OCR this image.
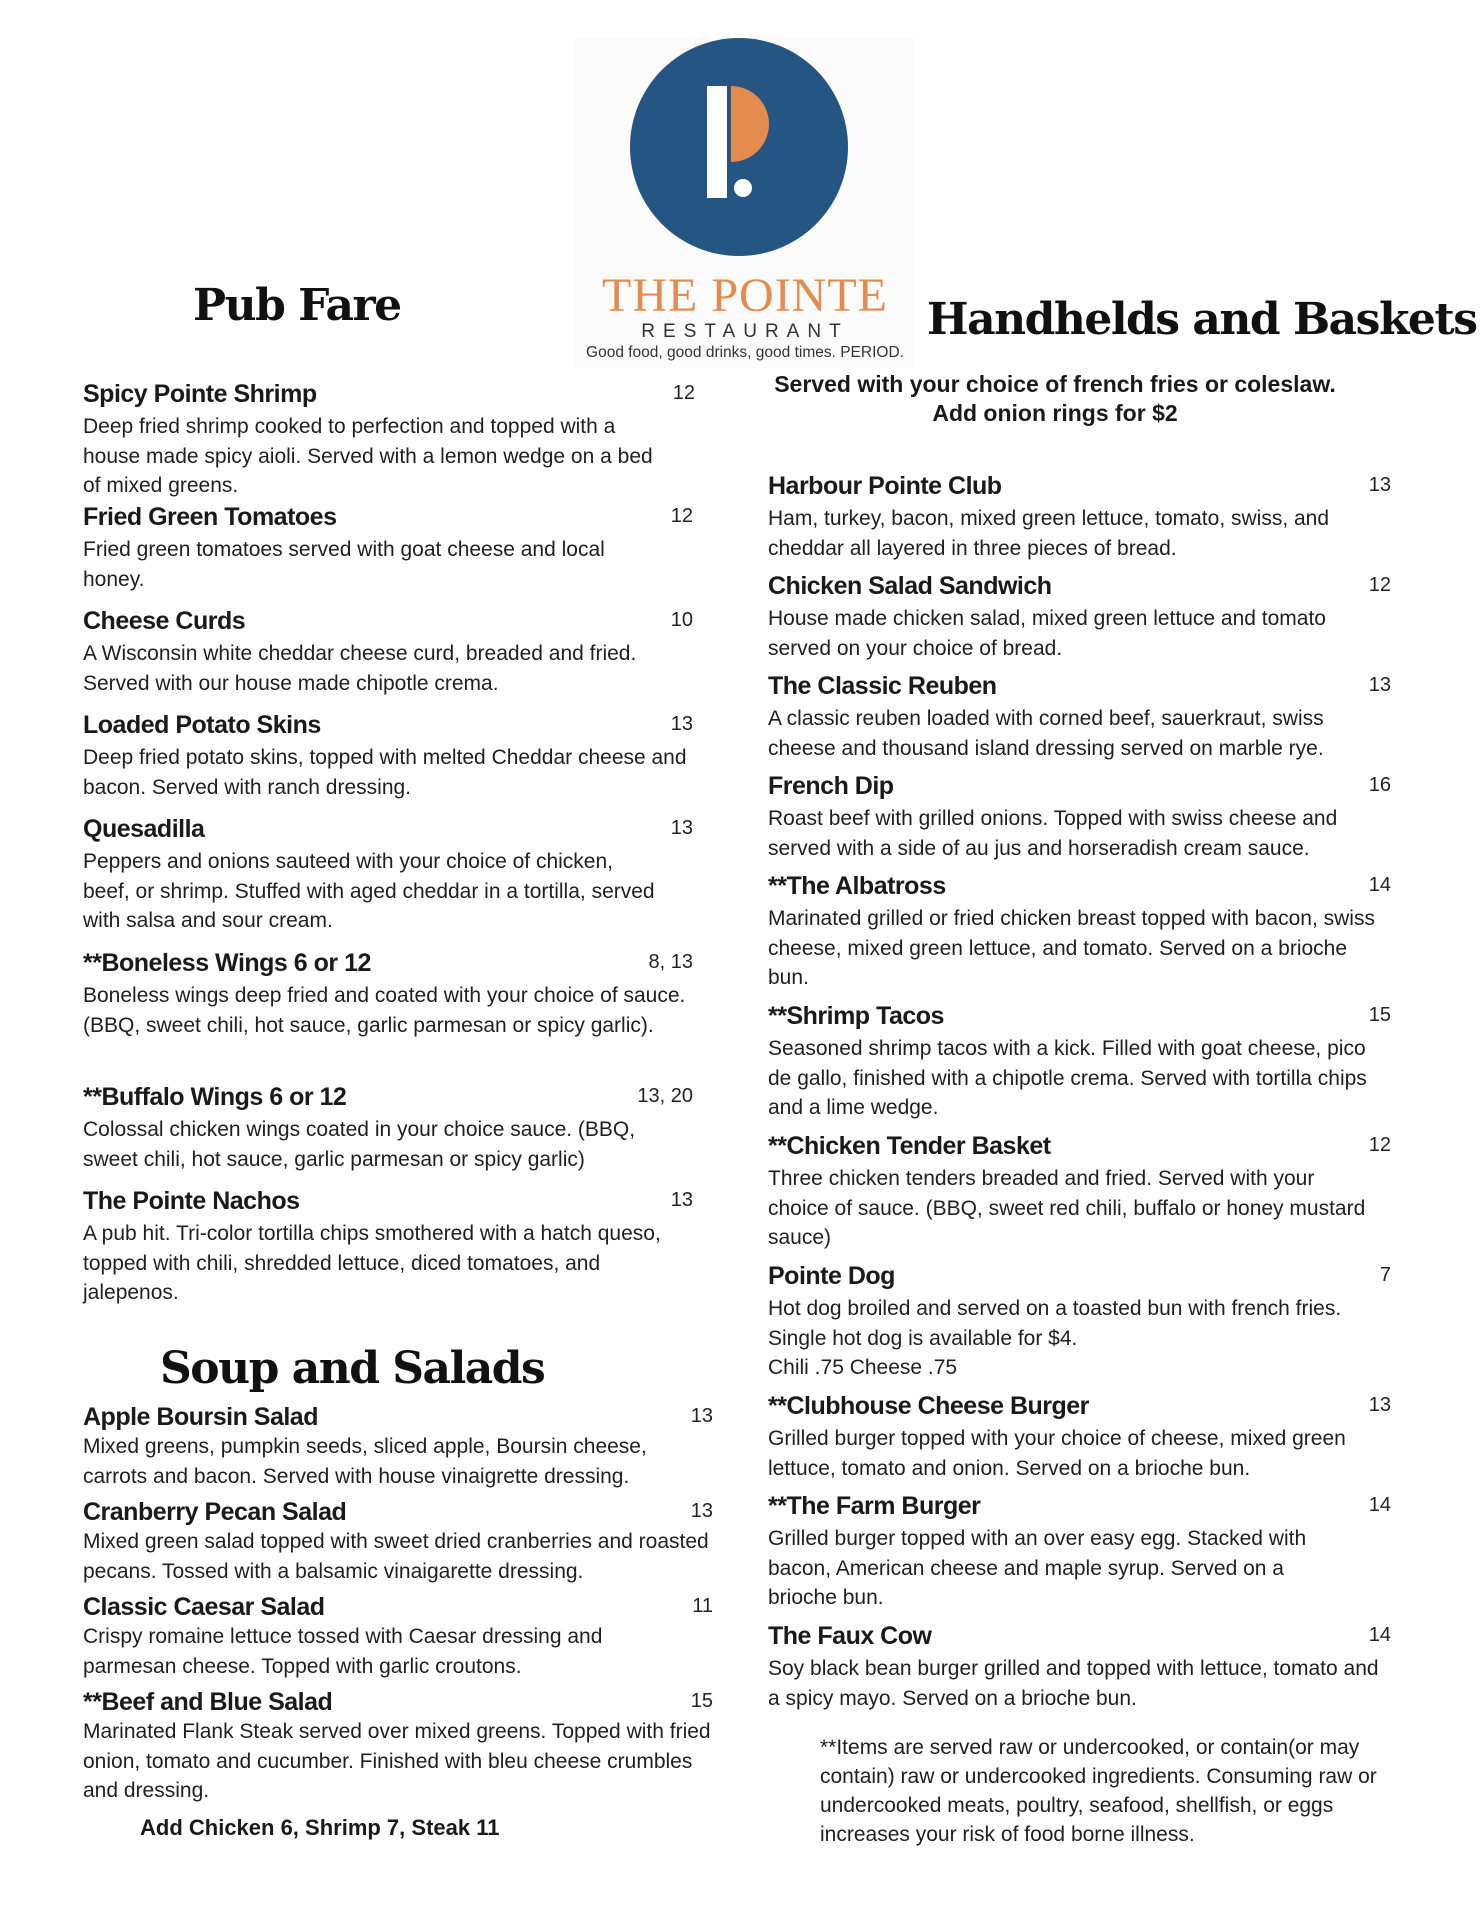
THE POINTE
RESTAURANT
Good food, good drinks, good times. PERIOD.
Pub Fare
Spicy Pointe Shrimp	12
Deep fried shrimp cooked to perfection and topped with a house made spicy aioli. Served with a lemon wedge on a bed of mixed greens.
Fried Green Tomatoes	12
Fried green tomatoes served with goat cheese and local honey.
Cheese Curds	10
A Wisconsin white cheddar cheese curd, breaded and fried. Served with our house made chipotle crema.
Loaded Potato Skins	13
Deep fried potato skins, topped with melted Cheddar cheese and bacon. Served with ranch dressing.
Quesadilla	13
Peppers and onions sauteed with your choice of chicken, beef, or shrimp. Stuffed with aged cheddar in a tortilla, served with salsa and sour cream.
**Boneless Wings 6 or 12	8, 13
Boneless wings deep fried and coated with your choice of sauce. (BBQ, sweet chili, hot sauce, garlic parmesan or spicy garlic).
**Buffalo Wings 6 or 12	13, 20
Colossal chicken wings coated in your choice sauce. (BBQ, sweet chili, hot sauce, garlic parmesan or spicy garlic)
The Pointe Nachos	13
A pub hit. Tri-color tortilla chips smothered with a hatch queso, topped with chili, shredded lettuce, diced tomatoes, and jalepenos.
Soup and Salads
Apple Boursin Salad	13
Mixed greens, pumpkin seeds, sliced apple, Boursin cheese, carrots and bacon. Served with house vinaigrette dressing.
Cranberry Pecan Salad	13
Mixed green salad topped with sweet dried cranberries and roasted pecans. Tossed with a balsamic vinaigarette dressing.
Classic Caesar Salad	11
Crispy romaine lettuce tossed with Caesar dressing and parmesan cheese. Topped with garlic croutons.
**Beef and Blue Salad	15
Marinated Flank Steak served over mixed greens. Topped with fried onion, tomato and cucumber. Finished with bleu cheese crumbles and dressing.
Add Chicken 6, Shrimp 7, Steak 11
Handhelds and Baskets
Served with your choice of french fries or coleslaw.
Add onion rings for $2
Harbour Pointe Club	13
Ham, turkey, bacon, mixed green lettuce, tomato, swiss, and cheddar all layered in three pieces of bread.
Chicken Salad Sandwich	12
House made chicken salad, mixed green lettuce and tomato served on your choice of bread.
The Classic Reuben	13
A classic reuben loaded with corned beef, sauerkraut, swiss cheese and thousand island dressing served on marble rye.
French Dip	16
Roast beef with grilled onions. Topped with swiss cheese and served with a side of au jus and horseradish cream sauce.
**The Albatross	14
Marinated grilled or fried chicken breast topped with bacon, swiss cheese, mixed green lettuce, and tomato. Served on a brioche bun.
**Shrimp Tacos	15
Seasoned shrimp tacos with a kick. Filled with goat cheese, pico de gallo, finished with a chipotle crema. Served with tortilla chips and a lime wedge.
**Chicken Tender Basket	12
Three chicken tenders breaded and fried. Served with your choice of sauce. (BBQ, sweet red chili, buffalo or honey mustard sauce)
Pointe Dog	7
Hot dog broiled and served on a toasted bun with french fries. Single hot dog is available for $4.
Chili .75 Cheese .75
**Clubhouse Cheese Burger	13
Grilled burger topped with your choice of cheese, mixed green lettuce, tomato and onion. Served on a brioche bun.
**The Farm Burger	14
Grilled burger topped with an over easy egg. Stacked with bacon, American cheese and maple syrup. Served on a brioche bun.
The Faux Cow	14
Soy black bean burger grilled and topped with lettuce, tomato and a spicy mayo. Served on a brioche bun.
**Items are served raw or undercooked, or contain(or may contain) raw or undercooked ingredients. Consuming raw or undercooked meats, poultry, seafood, shellfish, or eggs increases your risk of food borne illness.
